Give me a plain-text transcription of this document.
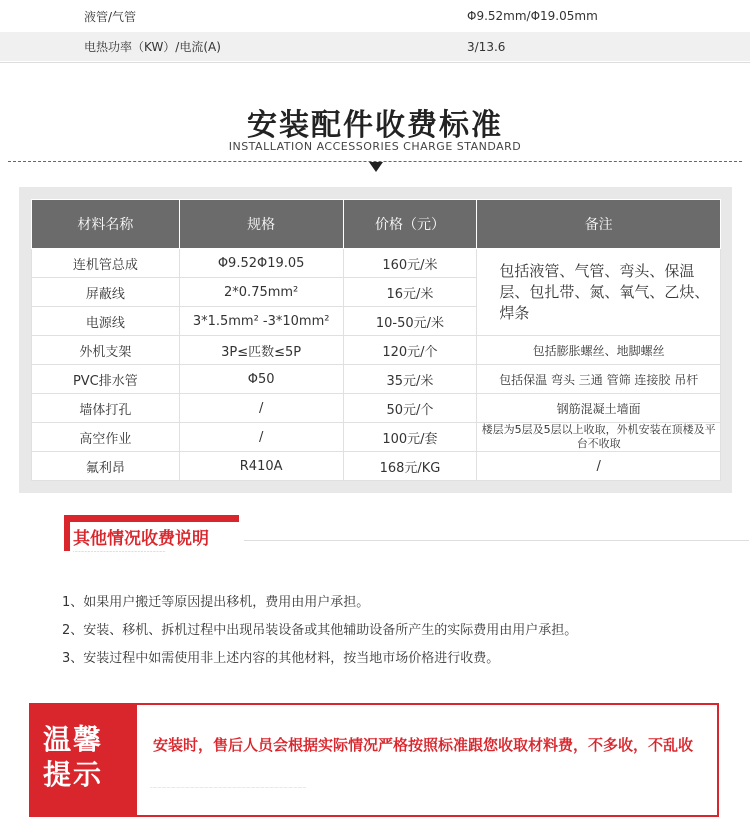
液管/气管	Φ9.52mm/Φ19.05mm
电热功率（KW）/电流(A)	3/13.6
安装配件收费标准
INSTALLATION ACCESSORIES CHARGE STANDARD
材料名称	规格	价格（元）	备注
连机管总成	Φ9.52Φ19.05	160元/米	包括液管、气管、弯头、保温层、包扎带、氮、氧气、乙炔、焊条
屏蔽线	2*0.75mm²	16元/米	
电源线	3*1.5mm² -3*10mm²	10-50元/米	
外机支架	3P≤匹数≤5P	120元/个	包括膨胀螺丝、地脚螺丝
PVC排水管	Φ50	35元/米	包括保温 弯头 三通 管筛 连接胶 吊杆
墙体打孔	/	50元/个	钢筋混凝土墙面
高空作业	/	100元/套	楼层为5层及5层以上收取，外机安装在顶楼及平台不收取
氟利昂	R410A	168元/KG	/
其他情况收费说明
·······························································
1、如果用户搬迁等原因提出移机，费用由用户承担。
2、安装、移机、拆机过程中出现吊装设备或其他辅助设备所产生的实际费用由用户承担。
3、安装过程中如需使用非上述内容的其他材料，按当地市场价格进行收费。
温馨提示
安装时，售后人员会根据实际情况严格按照标准跟您收取材料费，不多收，不乱收
···························································································································
